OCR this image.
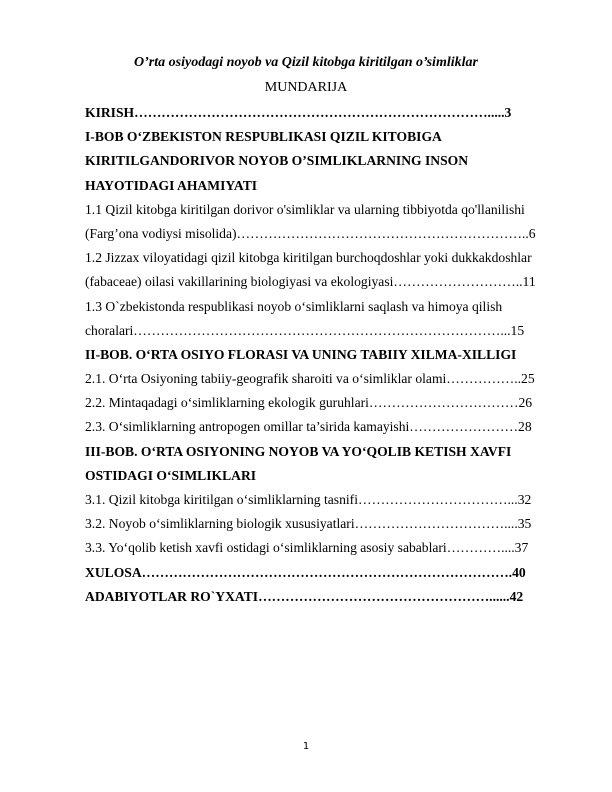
O’rta osiyodagi noyob va Qizil kitobga kiritilgan o’simliklar
MUNDARIJA
KIRISH…………………………………………………………………….....3
I-BOB O‘ZBEKISTON RESPUBLIKASI QIZIL KITOBIGA
KIRITILGANDORIVOR NOYOB O’SIMLIKLARNING INSON
HAYOTIDAGI AHAMIYATI
1.1 Qizil kitobga kiritilgan dorivor o'simliklar va ularning tibbiyotda qo'llanilishi
(Farg’ona vodiysi misolida)………………………………………………………..6
1.2 Jizzax viloyatidagi qizil kitobga kiritilgan burchoqdoshlar yoki dukkakdoshlar
(fabaceae) oilasi vakillarining biologiyasi va ekologiyasi………………………..11
1.3 O`zbekistonda respublikasi noyob o‘simliklarni saqlash va himoya qilish
choralari………………………………………………………………………...15
II-BOB. O‘RTA OSIYO FLORASI VA UNING TABIIY XILMA-XILLIGI
2.1. O‘rta Osiyoning tabiiy-geografik sharoiti va o‘simliklar olami……………..25
2.2. Mintaqadagi o‘simliklarning ekologik guruhlari……………………………26
2.3. O‘simliklarning antropogen omillar ta’sirida kamayishi……………………28
III-BOB. O‘RTA OSIYONING NOYOB VA YO‘QOLIB KETISH XAVFI
OSTIDAGI O‘SIMLIKLARI
3.1. Qizil kitobga kiritilgan o‘simliklarning tasnifi……………………………...32
3.2. Noyob o‘simliklarning biologik xususiyatlari……………………………....35
3.3. Yo‘qolib ketish xavfi ostidagi o‘simliklarning asosiy sabablari…………....37
XULOSA……………………………………………………………………….40
ADABIYOTLAR RO`YXATI……………………………………………......42
1
